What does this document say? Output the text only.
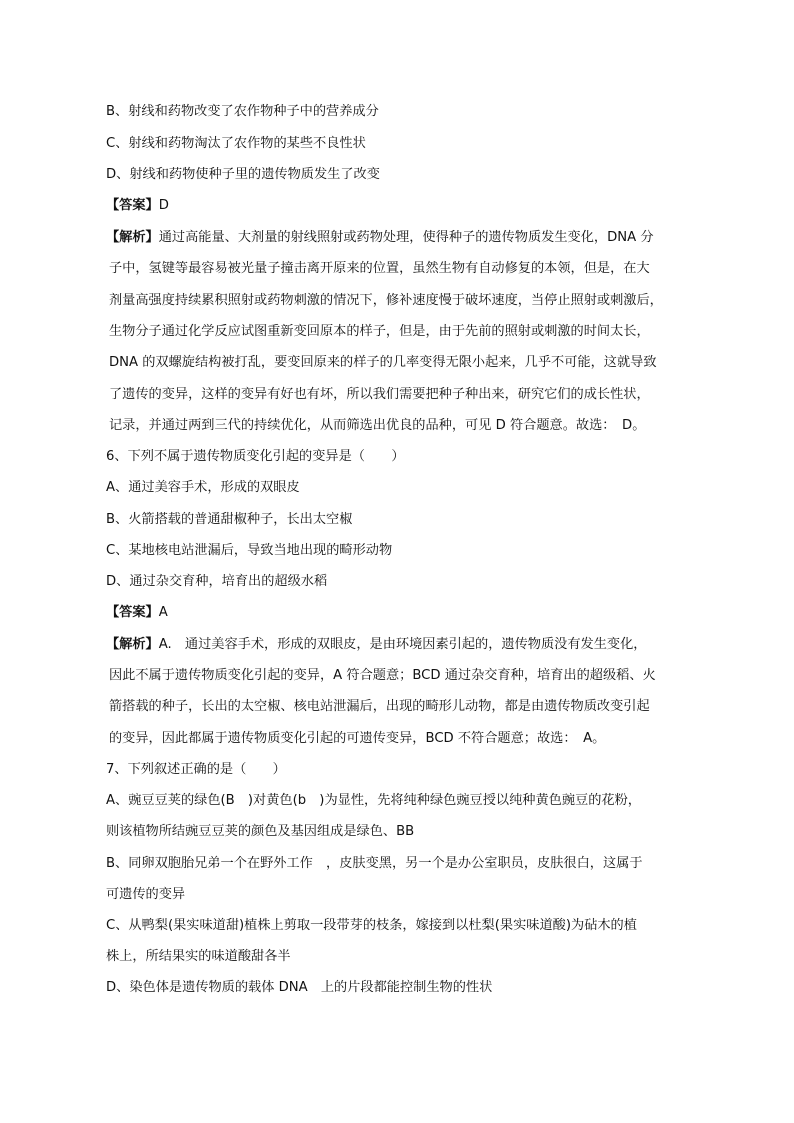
B、射线和药物改变了农作物种子中的营养成分
C、射线和药物淘汰了农作物的某些不良性状
D、射线和药物使种子里的遗传物质发生了改变
【答案】D
【解析】通过高能量、大剂量的射线照射或药物处理，使得种子的遗传物质发生变化，DNA 分
子中，氢键等最容易被光量子撞击离开原来的位置，虽然生物有自动修复的本领，但是，在大
剂量高强度持续累积照射或药物刺激的情况下，修补速度慢于破坏速度，当停止照射或刺激后，
生物分子通过化学反应试图重新变回原本的样子，但是，由于先前的照射或刺激的时间太长，
DNA 的双螺旋结构被打乱，要变回原来的样子的几率变得无限小起来，几乎不可能，这就导致
了遗传的变异，这样的变异有好也有坏，所以我们需要把种子种出来，研究它们的成长性状，
记录，并通过两到三代的持续优化，从而筛选出优良的品种，可见 D 符合题意。故选：　D。
6、下列不属于遗传物质变化引起的变异是（　　）
A、通过美容手术，形成的双眼皮
B、火箭搭载的普通甜椒种子，长出太空椒
C、某地核电站泄漏后，导致当地出现的畸形动物
D、通过杂交育种，培育出的超级水稻
【答案】A
【解析】A.　通过美容手术，形成的双眼皮，是由环境因素引起的，遗传物质没有发生变化，
因此不属于遗传物质变化引起的变异，A 符合题意；BCD 通过杂交育种，培育出的超级稻、火
箭搭载的种子，长出的太空椒、核电站泄漏后，出现的畸形儿动物，都是由遗传物质改变引起
的变异，因此都属于遗传物质变化引起的可遗传变异，BCD 不符合题意；故选：　A。
7、下列叙述正确的是（　　）
A、豌豆豆荚的绿色(B　)对黄色(b　)为显性，先将纯种绿色豌豆授以纯种黄色豌豆的花粉，
则该植物所结豌豆豆荚的颜色及基因组成是绿色、BB
B、同卵双胞胎兄弟一个在野外工作　，皮肤变黑，另一个是办公室职员，皮肤很白，这属于
可遗传的变异
C、从鸭梨(果实味道甜)植株上剪取一段带芽的枝条，嫁接到以杜梨(果实味道酸)为砧木的植
株上，所结果实的味道酸甜各半
D、染色体是遗传物质的载体 DNA　上的片段都能控制生物的性状
